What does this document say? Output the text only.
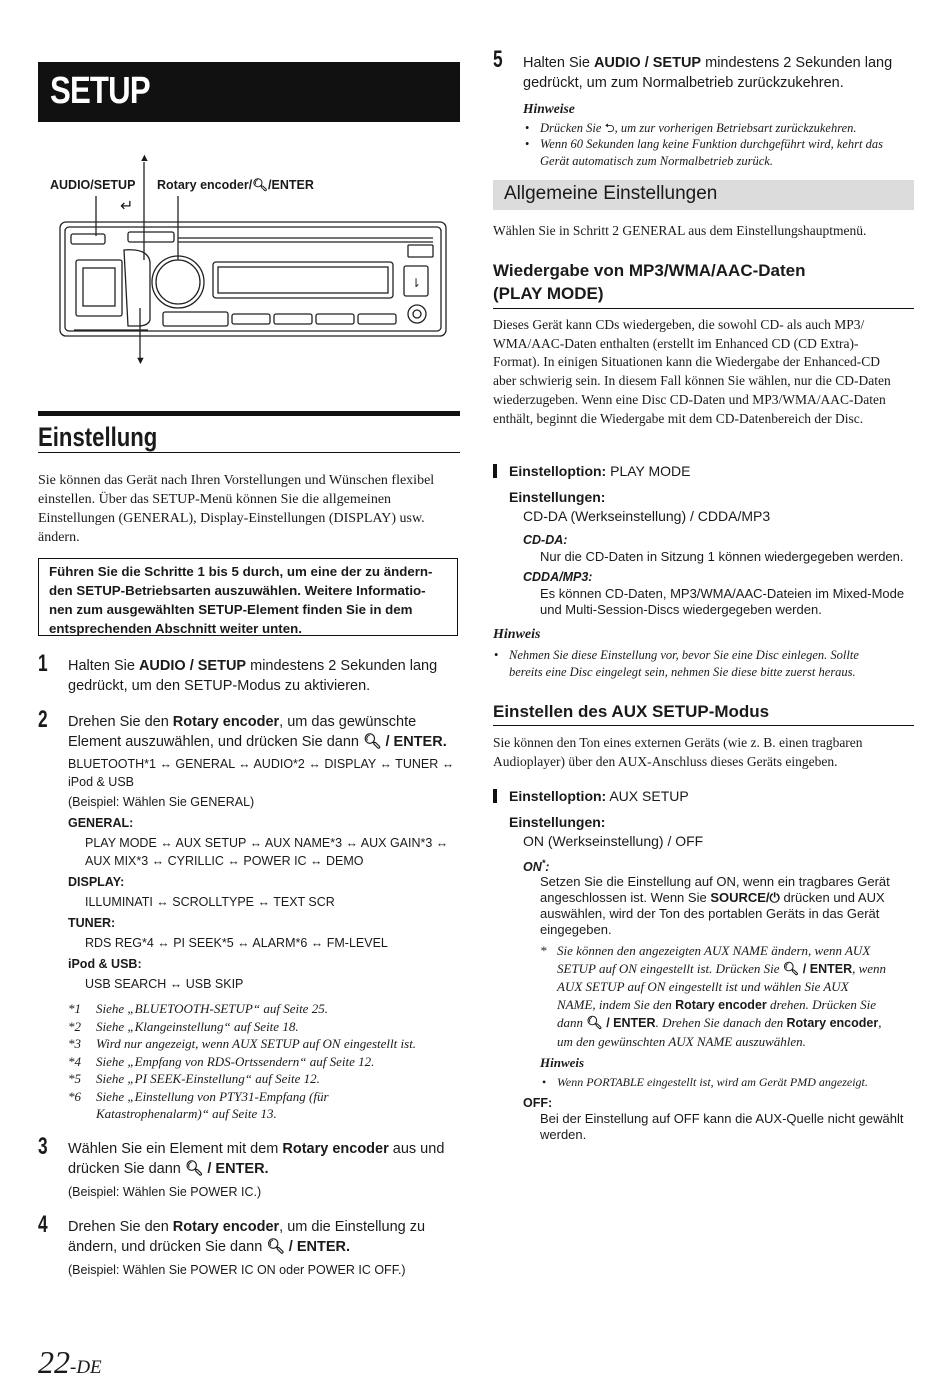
SETUP
▲
AUDIO/SETUP Rotary encoder/🔍︎/ENTER
↵
⇂
▼
Einstellung

Sie können das Gerät nach Ihren Vorstellungen und Wünschen flexibel einstellen. Über das SETUP-Menü können Sie die allgemeinen Einstellungen (GENERAL), Display-Einstellungen (DISPLAY) usw. ändern.

Führen Sie die Schritte 1 bis 5 durch, um eine der zu ändern-

den SETUP-Betriebsarten auszuwählen. Weitere Informatio-

nen zum ausgewählten SETUP-Element finden Sie in dem

entsprechenden Abschnitt weiter unten.

1 Halten Sie AUDIO / SETUP mindestens 2 Sekunden lang
gedrückt, um den SETUP-Modus zu aktivieren.
2 Drehen Sie den Rotary encoder, um das gewünschte
Element auszuwählen, und drücken Sie dann 🔍︎ / ENTER.
BLUETOOTH*1 ↔ GENERAL ↔ AUDIO*2 ↔ DISPLAY ↔ TUNER ↔
iPod & USB
(Beispiel: Wählen Sie GENERAL)
GENERAL:
PLAY MODE ↔ AUX SETUP ↔ AUX NAME*3 ↔ AUX GAIN*3 ↔
AUX MIX*3 ↔ CYRILLIC ↔ POWER IC ↔ DEMO
DISPLAY:
ILLUMINATI ↔ SCROLLTYPE ↔ TEXT SCR
TUNER:
RDS REG*4 ↔ PI SEEK*5 ↔ ALARM*6 ↔ FM-LEVEL
iPod & USB:
USB SEARCH ↔ USB SKIP
*1 Siehe „BLUETOOTH-SETUP“ auf Seite 25.
*2 Siehe „Klangeinstellung“ auf Seite 18.
*3 Wird nur angezeigt, wenn AUX SETUP auf ON eingestellt ist.
*4 Siehe „Empfang von RDS-Ortssendern“ auf Seite 12.
*5 Siehe „PI SEEK-Einstellung“ auf Seite 12.
*6 Siehe „Einstellung von PTY31-Empfang (für
Katastrophenalarm)“ auf Seite 13.
3 Wählen Sie ein Element mit dem Rotary encoder aus und
drücken Sie dann 🔍︎ / ENTER.
(Beispiel: Wählen Sie POWER IC.)
4 Drehen Sie den Rotary encoder, um die Einstellung zu
ändern, und drücken Sie dann 🔍︎ / ENTER.
(Beispiel: Wählen Sie POWER IC ON oder POWER IC OFF.)
22-DE
5 Halten Sie AUDIO / SETUP mindestens 2 Sekunden lang
gedrückt, um zum Normalbetrieb zurückzukehren.
Hinweise
• Drücken Sie ⮌, um zur vorherigen Betriebsart zurückzukehren.
• Wenn 60 Sekunden lang keine Funktion durchgeführt wird, kehrt das
Gerät automatisch zum Normalbetrieb zurück.
Allgemeine Einstellungen

Wählen Sie in Schritt 2 GENERAL aus dem Einstellungshauptmenü.

Wiedergabe von MP3/WMA/AAC-Daten
(PLAY MODE)

Dieses Gerät kann CDs wiedergeben, die sowohl CD- als auch MP3/ WMA/AAC-Daten enthalten (erstellt im Enhanced CD (CD Extra)-Format). In einigen Situationen kann die Wiedergabe der Enhanced-CD aber schwierig sein. In diesem Fall können Sie wählen, nur die CD-Daten wiederzugeben. Wenn eine Disc CD-Daten und MP3/WMA/AAC-Daten enthält, beginnt die Wiedergabe mit dem CD-Datenbereich der Disc.

Einstelloption: PLAY MODE
Einstellungen:
CD-DA (Werkseinstellung) / CDDA/MP3
CD-DA:
Nur die CD-Daten in Sitzung 1 können wiedergegeben werden.
CDDA/MP3:
Es können CD-Daten, MP3/WMA/AAC-Dateien im Mixed-Mode
und Multi-Session-Discs wiedergegeben werden.
Hinweis
• Nehmen Sie diese Einstellung vor, bevor Sie eine Disc einlegen. Sollte
bereits eine Disc eingelegt sein, nehmen Sie diese bitte zuerst heraus.
Einstellen des AUX SETUP-Modus

Sie können den Ton eines externen Geräts (wie z. B. einen tragbaren Audioplayer) über den AUX-Anschluss dieses Geräts eingeben.

Einstelloption: AUX SETUP
Einstellungen:
ON (Werkseinstellung) / OFF
ON*:
Setzen Sie die Einstellung auf ON, wenn ein tragbares Gerät
angeschlossen ist. Wenn Sie SOURCE/⏻ drücken und AUX
auswählen, wird der Ton des portablen Geräts in das Gerät
eingegeben.
* Sie können den angezeigten AUX NAME ändern, wenn AUX
SETUP auf ON eingestellt ist. Drücken Sie 🔍︎ / ENTER, wenn
AUX SETUP auf ON eingestellt ist und wählen Sie AUX
NAME, indem Sie den Rotary encoder drehen. Drücken Sie
dann 🔍︎ / ENTER. Drehen Sie danach den Rotary encoder,
um den gewünschten AUX NAME auszuwählen.
Hinweis
• Wenn PORTABLE eingestellt ist, wird am Gerät PMD angezeigt.
OFF:
Bei der Einstellung auf OFF kann die AUX-Quelle nicht gewählt
werden.
